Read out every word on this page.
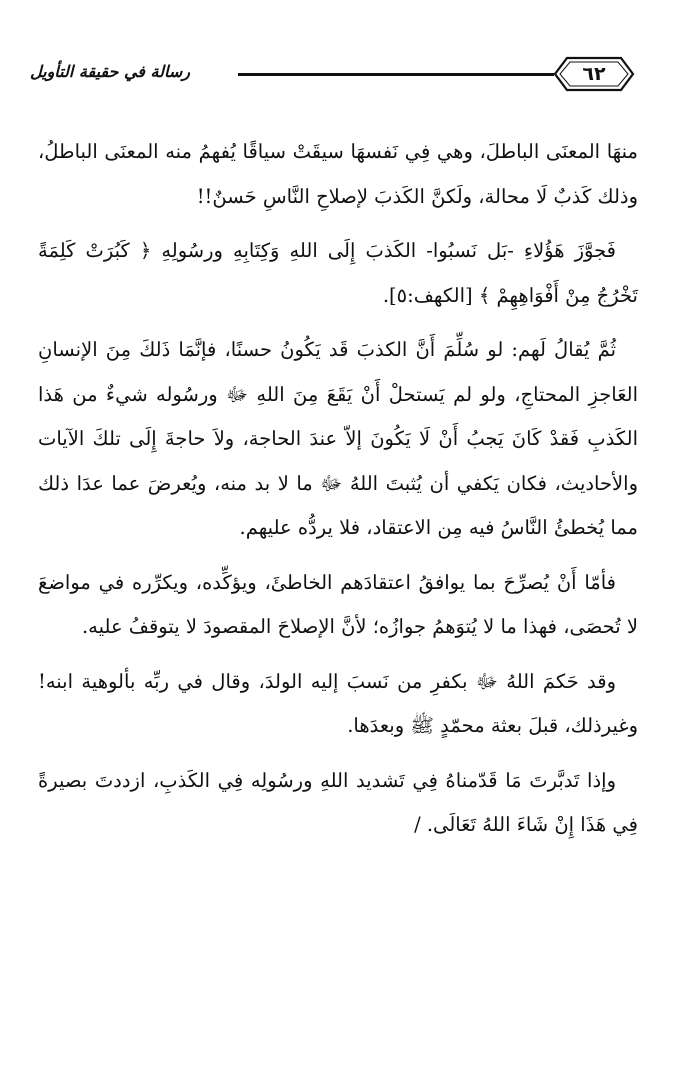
رسالة في حقيقة التأويل	٦٢

منهَا المعنَى الباطلَ، وهي فِي نَفسهَا سيقَتْ سياقًا يُفهمُ منه المعنَى الباطلُ، وذلك كَذبٌ لَا محالة، ولَكنَّ الكَذبَ لإصلاحِ النَّاسِ حَسنٌ!!

فَجوَّزَ هَؤُلاءِ -بَل نَسبُوا- الكَذبَ إِلَى اللهِ وَكِتَابِهِ ورسُولِهِ ﴿ كَبُرَتْ كَلِمَةً تَخْرُجُ مِنْ أَفْوَاهِهِمْ ﴾ [الكهف:٥].

ثُمَّ يُقالُ لَهم: لو سُلِّمَ أَنَّ الكذبَ قَد يَكُونُ حسنًا، فإنَّمَا ذَلكَ مِنَ الإنسانِ العَاجزِ المحتاجِ، ولو لم يَستحلْ أَنْ يَقَعَ مِنَ اللهِ ﷻ ورسُوله شيءٌ من هَذا الكَذبِ فَقدْ كَانَ يَجبُ أَنْ لَا يَكُونَ إلاّ عندَ الحاجة، ولاَ حاجةَ إِلَى تلكَ الآيات والأحاديث، فكان يَكفي أن يُثبتَ اللهُ ﷻ ما لا بد منه، ويُعرضَ عما عدَا ذلك مما يُخطئُ النَّاسُ فيه مِن الاعتقاد، فلا يردُّه عليهم.

فأمّا أَنْ يُصرِّحَ بما يوافقُ اعتقادَهم الخاطئَ، ويؤكِّده، ويكرِّره في مواضعَ لا تُحصَى، فهذا ما لا يُتوَهمُ جوازُه؛ لأنَّ الإصلاحَ المقصودَ لا يتوقفُ عليه.

وقد حَكمَ اللهُ ﷻ بكفرِ من نَسبَ إليه الولدَ، وقال في ربِّه بألوهية ابنه! وغيرذلك، قبلَ بعثة محمّدٍ ﷺ وبعدَها.

وإذا تَدبَّرتَ مَا قَدّمناهُ فِي تَشديد اللهِ ورسُولِه فِي الكَذبِ، ازددتَ بصيرةً فِي هَذَا إِنْ شَاءَ اللهُ تَعَالَى. /
